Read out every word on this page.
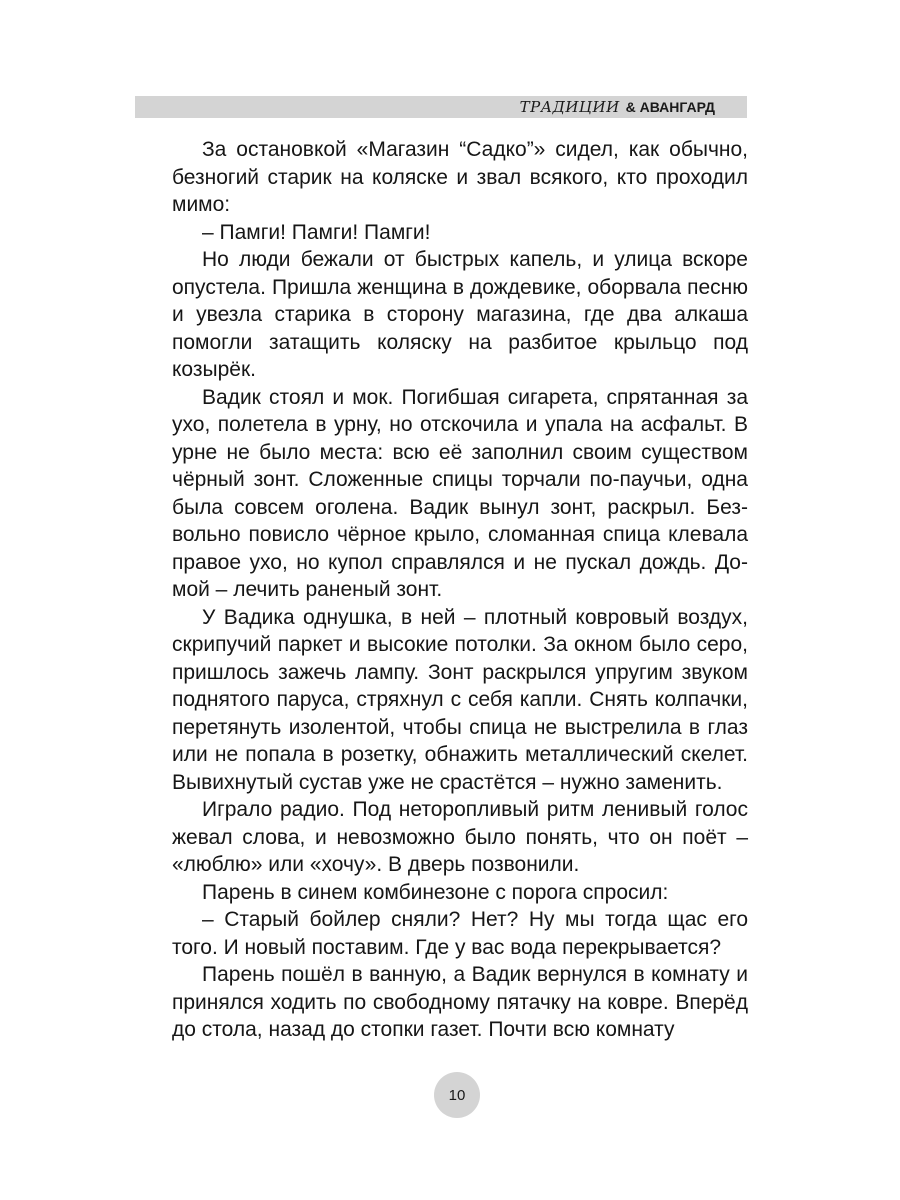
ТРАДИЦИИ & АВАНГАРД

За остановкой «Магазин “Садко”» сидел, как обычно, безногий старик на коляске и звал всякого, кто проходил мимо:

– Памги! Памги! Памги!

Но люди бежали от быстрых капель, и улица вскоре опустела. Пришла женщина в дождевике, оборвала песню и увезла старика в сторону магазина, где два алкаша помогли затащить коляску на разбитое крыльцо под козырёк.

Вадик стоял и мок. Погибшая сигарета, спрятанная за ухо, полетела в урну, но отскочила и упала на асфальт. В урне не было места: всю её заполнил своим существом чёрный зонт. Сложенные спицы торчали по-паучьи, одна была совсем оголена. Вадик вынул зонт, раскрыл. Безвольно повисло чёрное крыло, сломанная спица клевала правое ухо, но купол справлялся и не пускал дождь. Домой – лечить раненый зонт.

У Вадика однушка, в ней – плотный ковровый воздух, скрипучий паркет и высокие потолки. За окном было серо, пришлось зажечь лампу. Зонт раскрылся упругим звуком поднятого паруса, стряхнул с себя капли. Снять колпачки, перетянуть изолентой, чтобы спица не выстрелила в глаз или не попала в розетку, обнажить металлический скелет. Вывихнутый сустав уже не срастётся – нужно заменить.

Играло радио. Под неторопливый ритм ленивый голос жевал слова, и невозможно было понять, что он поёт – «люблю» или «хочу». В дверь позвонили.

Парень в синем комбинезоне с порога спросил:

– Старый бойлер сняли? Нет? Ну мы тогда щас его того. И новый поставим. Где у вас вода перекрывается?

Парень пошёл в ванную, а Вадик вернулся в комнату и принялся ходить по свободному пятачку на ковре. Вперёд до стола, назад до стопки газет. Почти всю комнату

10
